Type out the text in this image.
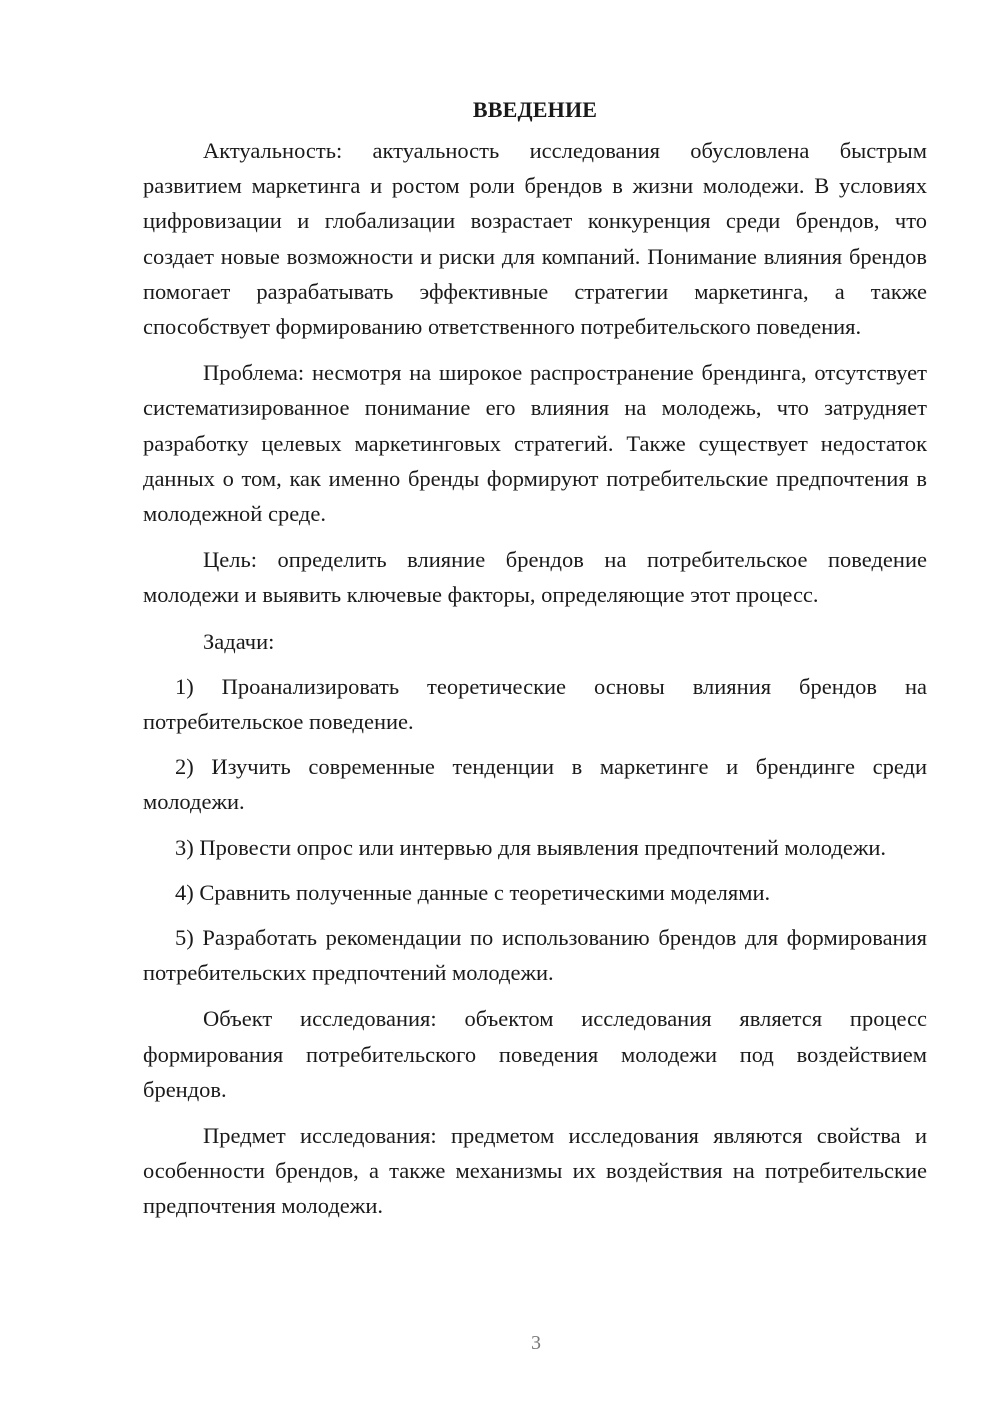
ВВЕДЕНИЕ

Актуальность: актуальность исследования обусловлена быстрым развитием маркетинга и ростом роли брендов в жизни молодежи. В условиях цифровизации и глобализации возрастает конкуренция среди брендов, что создает новые возможности и риски для компаний. Понимание влияния брендов помогает разрабатывать эффективные стратегии маркетинга, а также способствует формированию ответственного потребительского поведения.

Проблема: несмотря на широкое распространение брендинга, отсутствует систематизированное понимание его влияния на молодежь, что затрудняет разработку целевых маркетинговых стратегий. Также существует недостаток данных о том, как именно бренды формируют потребительские предпочтения в молодежной среде.

Цель: определить влияние брендов на потребительское поведение молодежи и выявить ключевые факторы, определяющие этот процесс.

Задачи:

1) Проанализировать теоретические основы влияния брендов на потребительское поведение.

2) Изучить современные тенденции в маркетинге и брендинге среди молодежи.

3) Провести опрос или интервью для выявления предпочтений молодежи.

4) Сравнить полученные данные с теоретическими моделями.

5) Разработать рекомендации по использованию брендов для формирования потребительских предпочтений молодежи.

Объект исследования: объектом исследования является процесс формирования потребительского поведения молодежи под воздействием брендов.

Предмет исследования: предметом исследования являются свойства и особенности брендов, а также механизмы их воздействия на потребительские предпочтения молодежи.

3
